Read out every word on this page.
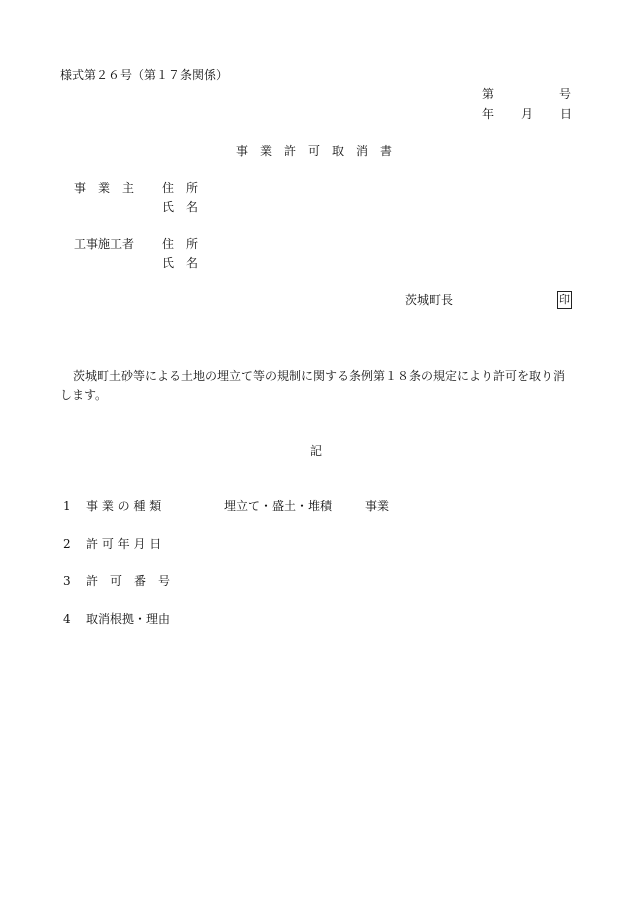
様式第２６号（第１７条関係）
第	号
年 月 日
事　業　許　可　取　消　書
事　業　主 住　所
氏　名
工事施工者 住　所
氏　名
茨城町長	印
茨城町土砂等による土地の埋立て等の規制に関する条例第１８条の規定により許可を取り消します。
記
1 事 業 の 種 類	埋立て・盛土・堆積	事業
2 許 可 年 月 日
3 許　可　番　号
4 取消根拠・理由
